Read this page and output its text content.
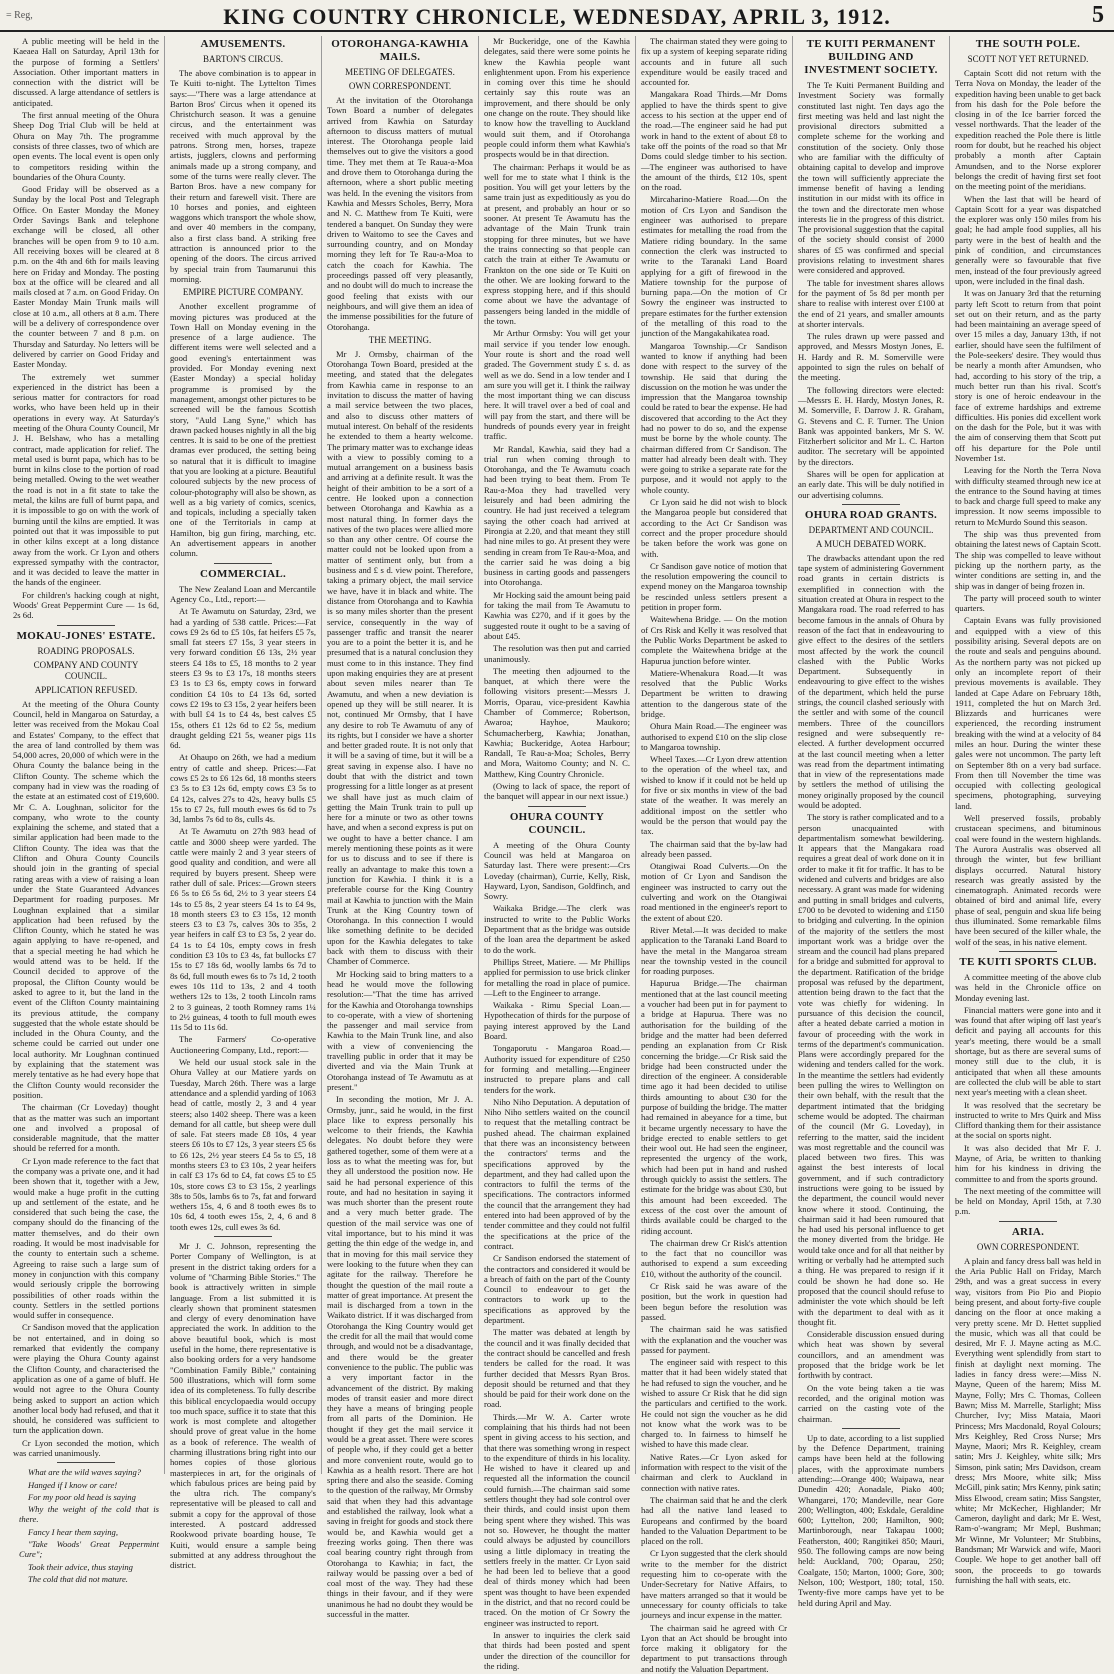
= Reg,	KING COUNTRY CHRONICLE, WEDNESDAY, APRIL 3, 1912.	5

A public meeting will be held in the Kaeaea Hall on Saturday, April 13th for the purpose of forming a Settlers' Association. Other important matters in connection with the district will be discussed. A large attendance of settlers is anticipated.

The first annual meeting of the Ohura Sheep Dog Trial Club will be held at Ohura on May 7th. The programme consists of three classes, two of which are open events. The local event is open only to competitors residing within the boundaries of the Ohura County.

Good Friday will be observed as a Sunday by the local Post and Telegraph Office. On Easter Monday the Money Order Savings Bank and telephone exchange will be closed, all other branches will be open from 9 to 10 a.m. All receiving boxes will be cleared at 8 p.m. on the 4th and 6th for mails leaving here on Friday and Monday. The posting box at the office will be cleared and all mails closed at 7 a.m. on Good Friday. On Easter Monday Main Trunk mails will close at 10 a.m., all others at 8 a.m. There will be a delivery of correspondence over the counter between 7 and 8 p.m. on Thursday and Saturday. No letters will be delivered by carrier on Good Friday and Easter Monday.

The extremely wet summer experienced in the district has been a serious matter for contractors for road works, who have been held up in their operations in every way. At Saturday's meeting of the Ohura County Council, Mr J. H. Belshaw, who has a metalling contract, made application for relief. The metal used is burnt papa, which has to be burnt in kilns close to the portion of road being metalled. Owing to the wet weather the road is not in a fit state to take the metal, the kilns are full of burnt papa, and it is impossible to go on with the work of burning until the kilns are emptied. It was pointed out that it was impossible to put in other kilns except at a long distance away from the work. Cr Lyon and others expressed sympathy with the contractor, and it was decided to leave the matter in the hands of the engineer.

For children's hacking cough at night, Woods' Great Peppermint Cure — 1s 6d, 2s 6d.

MOKAU-JONES' ESTATE.
ROADING PROPOSALS.
COMPANY AND COUNTY COUNCIL.
APPLICATION REFUSED.

At the meeting of the Ohura County Council, held in Mangaroa on Saturday, a letter was received from the Mokau Coal and Estates' Company, to the effect that the area of land controlled by them was 54,000 acres, 20,000 of which were in the Ohura County the balance being in the Clifton County. The scheme which the company had in view was the roading of the estate at an estimated cost of £19,600. Mr C. A. Loughnan, solicitor for the company, who wrote to the county explaining the scheme, and stated that a similar application had been made to the Clifton County. The idea was that the Clifton and Ohura County Councils should join in the granting of special rating areas with a view of raising a loan under the State Guaranteed Advances Department for roading purposes. Mr Loughnan explained that a similar application had been refused by the Clifton County, which he stated he was again applying to have re-opened, and that a special meeting he had which he would attend was to be held. If the Council decided to approve of the proposal, the Clifton County would be asked to agree to it, but the land in the event of the Clifton County maintaining its previous attitude, the company suggested that the whole estate should be included in the Ohura County, and the scheme could be carried out under one local authority. Mr Loughnan continued by explaining that the statement was merely tentative as he had every hope that the Clifton County would reconsider the position.

The chairman (Cr Loveday) thought that as the matter was such an important one and involved a proposal of considerable magnitude, that the matter should be referred for a month.

Cr Lyon made reference to the fact that the company was a private one, and it had been shown that it, together with a Jew, would make a huge profit in the cutting up and settlement of the estate, and he considered that such being the case, the company should do the financing of the matter themselves, and do their own roading. It would be most inadvisable for the county to entertain such a scheme. Agreeing to raise such a large sum of money in conjunction with this company would seriously cripple the borrowing possibilities of other roads within the county. Settlers in the settled portions would suffer in consequence.

Cr Sandison moved that the application be not entertained, and in doing so remarked that evidently the company were playing the Ohura County against the Clifton County, and characterised the application as one of a game of bluff. He would not agree to the Ohura County being asked to support an action which another local body had refused, and that it should, he considered was sufficient to turn the application down.

Cr Lyon seconded the motion, which was carried unanimously.

What are the wild waves saying?

Hanged if I know or care!

For my poor old head is saying

Why the weight of the cold that is there.

Fancy I hear them saying,

"Take Woods' Great Peppermint Cure";

Took their advice, thus staying

The cold that did not mature.

AMUSEMENTS.
BARTON'S CIRCUS.

The above combination is to appear in Te Kuiti to-night. The Lyttelton Times says:—"There was a large attendance at Barton Bros' Circus when it opened its Christchurch season. It was a genuine circus, and the entertainment was received with much approval by the patrons. Strong men, horses, trapeze artists, jugglers, clowns and performing animals made up a strong company, and some of the turns were really clever. The Barton Bros. have a new company for their return and farewell visit. There are 10 horses and ponies, and eighteen waggons which transport the whole show, and over 40 members in the company, also a first class band. A striking free attraction is announced prior to the opening of the doors. The circus arrived by special train from Taumarunui this morning.

EMPIRE PICTURE COMPANY.

Another excellent programme of moving pictures was produced at the Town Hall on Monday evening in the presence of a large audience. The different items were well selected and a good evening's entertainment was provided. For Monday evening next (Easter Monday) a special holiday programme is promised by the management, amongst other pictures to be screened will be the famous Scottish story, "Auld Lang Syne," which has drawn packed houses nightly in all the big centres. It is said to be one of the prettiest dramas ever produced, the setting being so natural that it is difficult to imagine that you are looking at a picture. Beautiful coloured subjects by the new process of colour-photography will also be shown, as well as a big variety of comics, scenics, and topicals, including a specially taken one of the Territorials in camp at Hamilton, big gun firing, marching, etc. An advertisement appears in another column.

COMMERCIAL.

The New Zealand Loan and Mercantile Agency Co., Ltd., report:—

At Te Awamutu on Saturday, 23rd, we had a yarding of 538 cattle. Prices:—Fat cows £9 2s 6d to £5 10s, fat heifers £5 7s, small fat steers £7 15s, 3 year steers in very forward condition £6 13s, 2½ year steers £4 18s to £5, 18 months to 2 year steers £3 9s to £3 17s, 18 months steers £3 1s to £3 6s, empty cows in forward condition £4 10s to £4 13s 6d, sorted cows £2 19s to £3 15s, 2 year heifers been with bull £4 1s to £4 4s, best calves £5 15s, others £1 12s 6d to £2 5s, medium draught gelding £21 5s, weaner pigs 11s 6d.

At Ohaupo on 26th, we had a medium entry of cattle and sheep. Prices:—Fat cows £5 2s to £6 12s 6d, 18 months steers £3 5s to £3 12s 6d, empty cows £3 5s to £4 12s, calves 27s to 42s, heavy bulls £5 15s to £7 2s, full mouth ewes 6s 6d to 7s 3d, lambs 7s 6d to 8s, culls 4s.

At Te Awamutu on 27th 983 head of cattle and 3000 sheep were yarded. The cattle were mainly 2 and 3 year steers of good quality and condition, and were all required by buyers present. Sheep were rather dull of sale. Prices:—Grown steers £6 5s to £6 5s 6d, 2½ to 3 year steers £4 14s to £5 8s, 2 year steers £4 1s to £4 9s, 18 month steers £3 to £3 15s, 12 month steers £3 to £3 7s, calves 30s to 35s, 2 year heifers in calf £3 to £3 5s, 2 year do. £4 1s to £4 10s, empty cows in fresh condition £3 10s to £3 4s, fat bullocks £7 15s to £7 18s 6d, woolly lambs 6s 7d to 8s 6d, full mouth ewes 6s to 7s 1d, 2 tooth ewes 10s 11d to 13s, 2 and 4 tooth wethers 12s to 13s, 2 tooth Lincoln rams 2 to 3 guineas, 2 tooth Romney rams 1¼ to 2½ guineas, 4 tooth to full mouth ewes 11s 5d to 11s 6d.

The Farmers' Co-operative Auctioneering Company, Ltd., report:—

We held our usual stock sale in the Ohura Valley at our Matiere yards on Tuesday, March 26th. There was a large attendance and a splendid yarding of 1063 head of cattle, mostly 2, 3 and 4 year steers; also 1402 sheep. There was a keen demand for all cattle, but sheep were dull of sale. Fat steers made £8 10s, 4 year steers £6 10s to £7 12s, 3 year steers £5 6s to £6 12s, 2½ year steers £4 5s to £5, 18 months steers £3 to £3 10s, 2 year heifers in calf £3 17s 6d to £4, fat cows £5 to £5 10s, store cows £3 to £3 15s, 2 yearlings 38s to 50s, lambs 6s to 7s, fat and forward wethers 15s, 4, 6 and 8 tooth ewes 8s to 10s 6d, 4 tooth ewes 15s, 2, 4, 6 and 8 tooth ewes 12s, cull ewes 3s 6d.

Mr J. C. Johnson, representing the Porter Company of Wellington, is at present in the district taking orders for a volume of "Charming Bible Stories." The book is attractively written in simple language. From a list submitted it is clearly shown that prominent statesmen and clergy of every denomination have appreciated the work. In addition to the above beautiful book, which is most useful in the home, there representative is also booking orders for a very handsome "Combination Family Bible," containing 500 illustrations, which will form some idea of its completeness. To fully describe this biblical encyclopaedia would occupy too much space, suffice it to state that this work is most complete and altogether should prove of great value in the home as a book of reference. The wealth of charming illustrations bring right into our homes copies of those glorious masterpieces in art, for the originals of which fabulous prices are being paid by the ultra rich. The company's representative will be pleased to call and submit a copy for the approval of those interested. A postcard addressed Rookwood private boarding house, Te Kuiti, would ensure a sample being submitted at any address throughout the district.

OTOROHANGA-KAWHIA MAILS.
MEETING OF DELEGATES.
OWN CORRESPONDENT.

At the invitation of the Otorohanga Town Board a number of delegates arrived from Kawhia on Saturday afternoon to discuss matters of mutual interest. The Otorohanga people laid themselves out to give the visitors a good time. They met them at Te Raua-a-Moa and drove them to Otorohanga during the afternoon, where a short public meeting was held. In the evening the visitors from Kawhia and Messrs Scholes, Berry, Mora and N. C. Matthew from Te Kuiti, were tendered a banquet. On Sunday they were driven to Waitomo to see the Caves and surrounding country, and on Monday morning they left for Te Rau-a-Moa to catch the coach for Kawhia. The proceedings passed off very pleasantly, and no doubt will do much to increase the good feeling that exists with our neighbours, and will give them an idea of the immense possibilities for the future of Otorohanga.

THE MEETING.

Mr J. Ormsby, chairman of the Otorohanga Town Board, presided at the meeting, and stated that the delegates from Kawhia came in response to an invitation to discuss the matter of having a mail service between the two places, and also to discuss other matters of mutual interest. On behalf of the residents he extended to them a hearty welcome. The primary matter was to exchange ideas with a view to possibly coming to a mutual arrangement on a business basis and arriving at a definite result. It was the height of their ambition to be a sort of a centre. He looked upon a connection between Otorohanga and Kawhia as a most natural thing. In former days the natives of the two places were allied more so than any other centre. Of course the matter could not be looked upon from a matter of sentiment only, but from a business and £ s d. view point. Therefore, taking a primary object, the mail service we have, have it in black and white. The distance from Otorohanga and to Kawhia is so many miles shorter than the present service, consequently in the way of passenger traffic and transit the nearer you are to a point the better it is, and he presumed that is a natural conclusion they must come to in this instance. They find upon making enquiries they are at present about seven miles nearer than Te Awamutu, and when a new deviation is opened up they will be still nearer. It is not, continued Mr Ormsby, that I have any desire to rob Te Awamutu of any of its rights, but I consider we have a shorter and better graded route. It is not only that it will be a saving of time, but it will be a great saving in expense also. I have no doubt that with the district and town progressing for a little longer as at present we shall have just as much claim of getting the Main Trunk train to pull up here for a minute or two as other towns have, and when a second express is put on we ought to have a better chance. I am merely mentioning these points as it were for us to discuss and to see if there is really an advantage to make this town a junction for Kawhia. I think it is a preferable course for the King Country mail at Kawhia to junction with the Main Trunk at the King Country town of Otorohanga. In this connection I would like something definite to be decided upon for the Kawhia delegates to take back with them to discuss with their Chamber of Commerce.

Mr Hocking said to bring matters to a head he would move the following resolution:—"That the time has arrived for the Kawhia and Otorohanga townships to co-operate, with a view of shortening the passenger and mail service from Kawhia to the Main Trunk line, and also with a view of conveniencing the travelling public in order that it may be diverted and via the Main Trunk at Otorohanga instead of Te Awamutu as at present."

In seconding the motion, Mr J. A. Ormsby, junr., said he would, in the first place like to express personally his welcome to their friends, the Kawhia delegates. No doubt before they were gathered together, some of them were at a loss as to what the meeting was for, but they all understood the position now. He said he had personal experience of this route, and had no hesitation in saying it was much shorter than the present route and a very much better grade. The question of the mail service was one of vital importance, but to his mind it was getting the thin edge of the wedge in, and that in moving for this mail service they were looking to the future when they can agitate for the railway. Therefore he thought the question of the mail route a matter of great importance. At present the mail is discharged from a town in the Waikato district. If it was discharged from Otorohanga the King Country would get the credit for all the mail that would come through, and would not be a disadvantage, and there would be the greater convenience to the public. The public was a very important factor in the advancement of the district. By making modes of transit easier and more direct they have a means of bringing people from all parts of the Dominion. He thought if they get the mail service it would be a great asset. There were scores of people who, if they could get a better and more convenient route, would go to Kawhia as a health resort. There are hot spring there and also the seaside. Coming to the question of the railway, Mr Ormsby said that when they had this advantage and established the railway, look what a saving in freight for goods and stock there would be, and Kawhia would get a freezing works going. Then there was coal bearing country right through from Otorohanga to Kawhia; in fact, the railway would be passing over a bed of coal most of the way. They had these things in their favour, and if they were unanimous he had no doubt they would be successful in the matter.

Mr Buckeridge, one of the Kawhia delegates, said there were some points he knew the Kawhia people want enlightenment upon. From his experience in coming over this time he should certainly say this route was an improvement, and there should be only one change on the route. They should like to know how the travelling to Auckland would suit them, and if Otorohanga people could inform them what Kawhia's prospects would be in that direction.

The chairman: Perhaps it would be as well for me to state what I think is the position. You will get your letters by the same train just as expeditiously as you do at present, and probably an hour or so sooner. At present Te Awamutu has the advantage of the Main Trunk train stopping for three minutes, but we have the trains connecting so that people can catch the train at either Te Awamutu or Frankton on the one side or Te Kuiti on the other. We are looking forward to the express stopping here, and if this should come about we have the advantage of passengers being landed in the middle of the town.

Mr Arthur Ormsby: You will get your mail service if you tender low enough. Your route is short and the road well graded. The Government study £ s. d. as well as we do. Send in a low tender and I am sure you will get it. I think the railway the most important thing we can discuss here. It will travel over a bed of coal and will pay from the start, and there will be hundreds of pounds every year in freight traffic.

Mr Randal, Kawhia, said they had a trial run when coming through to Otorohanga, and the Te Awamutu coach had been trying to beat them. From Te Rau-a-Moa they had travelled very leisurely and had been admiring the country. He had just received a telegram saying the other coach had arrived at Pirongia at 2.20, and that meant they still had nine miles to go. At present they were sending in cream from Te Rau-a-Moa, and the carrier said he was doing a big business in carting goods and passengers into Otorohanga.

Mr Hocking said the amount being paid for taking the mail from Te Awamutu to Kawhia was £270, and if it goes by the suggested route it ought to be a saving of about £45.

The resolution was then put and carried unanimously.

The meeting then adjourned to the banquet, at which there were the following visitors present:—Messrs J. Morris, Oparau, vice-president Kawhia Chamber of Commerce; Robertson, Awaroa; Hayhoe, Maukoro; Schumacherberg, Kawhia; Jonathan, Kawhia; Buckeridge, Aotea Harbour; Randall, Te Rau-a-Moa; Scholes, Berry and Mora, Waitomo County; and N. C. Matthew, King Country Chronicle.

(Owing to lack of space, the report of the banquet will appear in our next issue.)

OHURA COUNTY COUNCIL.

A meeting of the Ohura County Council was held at Mangaroa on Saturday last. There were present:—Crs Loveday (chairman), Currie, Kelly, Risk, Hayward, Lyon, Sandison, Goldfinch, and Sowry.

Waikaka Bridge.—The clerk was instructed to write to the Public Works Department that as the bridge was outside of the loan area the department be asked to do the work.

Phillips Street, Matiere. — Mr Phillips applied for permission to use brick clinker for metalling the road in place of pumice.—Left to the Engineer to arrange.

Waikaka - Rimu Special Loan.—Hypothecation of thirds for the purpose of paying interest approved by the Land Board.

Tongaporutu - Mangaroa Road.—Authority issued for expenditure of £250 for forming and metalling.—Engineer instructed to prepare plans and call tenders for the work.

Niho Niho Deputation. A deputation of Niho Niho settlers waited on the council to request that the metalling contract be pushed ahead. The chairman explained that there was an inconsistency between the contractors' terms and the specifications approved by the department, and they had called upon the contractors to fulfil the terms of the specifications. The contractors informed the council that the arrangement they had entered into had been approved of by the tender committee and they could not fulfil the specifications at the price of the contract.

Cr Sandison endorsed the statement of the contractors and considered it would be a breach of faith on the part of the County Council to endeavour to get the contractors to work up to the specifications as approved by the department.

The matter was debated at length by the council and it was finally decided that the contract should be cancelled and fresh tenders be called for the road. It was further decided that Messrs Ryan Bros. deposit should be returned and that they should be paid for their work done on the road.

Thirds.—Mr W. A. Carter wrote complaining that his thirds had not been spent in giving access to his section, and that there was something wrong in respect to the expenditure of thirds in his locality. He wished to have it cleared up and requested all the information the council could furnish.—The chairman said some settlers thought they had sole control over their thirds, and could insist upon them being spent where they wished. This was not so. However, he thought the matter could always be adjusted by councillors using a little diplomacy in treating the settlers freely in the matter. Cr Lyon said he had been led to believe that a good deal of thirds money which had been spent was thought to have been expended in the district, and that no record could be traced. On the motion of Cr Sowry the engineer was instructed to report.

In answer to inquiries the clerk said that thirds had been posted and spent under the direction of the councillor for the riding.

The chairman stated they were going to fix up a system of keeping separate riding accounts and in future all such expenditure would be easily traced and accounted for.

Mangakara Road Thirds.—Mr Doms applied to have the thirds spent to give access to his section at the upper end of the road.—The engineer said he had put work in hand to the extent of about £8 to take off the points of the road so that Mr Doms could sledge timber to his section.—The engineer was authorised to have the amount of the thirds, £12 10s, spent on the road.

Mircaharino-Matiere Road.—On the motion of Crs Lyon and Sandison the engineer was authorised to prepare estimates for metalling the road from the Matiere riding boundary. In the same connection the clerk was instructed to write to the Taranaki Land Board applying for a gift of firewood in the Matiere township for the purpose of burning papa.—On the motion of Cr Sowry the engineer was instructed to prepare estimates for the further extension of the metalling of this road to the junction of the Mangakahikatea road.

Mangaroa Township.—Cr Sandison wanted to know if anything had been done with respect to the survey of the township. He said that during the discussion on the motion he was under the impression that the Mangaroa township could be rated to bear the expense. He had discovered that according to the Act they had no power to do so, and the expense must be borne by the whole county. The chairman differed from Cr Sandison. The matter had already been dealt with. They were going to strike a separate rate for the purpose, and it would not apply to the whole county.

Cr Lyon said he did not wish to block the Mangaroa people but considered that according to the Act Cr Sandison was correct and the proper procedure should be taken before the work was gone on with.

Cr Sandison gave notice of motion that the resolution empowering the council to expend money on the Mangaroa township be rescinded unless settlers present a petition in proper form.

Waitewhena Bridge. — On the motion of Crs Risk and Kelly it was resolved that the Public Works Department be asked to complete the Waitewhena bridge at the Hapurua junction before winter.

Matiere-Whenakura Road.—It was resolved that the Public Works Department be written to drawing attention to the dangerous state of the bridge.

Ohura Main Road.—The engineer was authorised to expend £10 on the slip close to Mangaroa township.

Wheel Taxes.—Cr Lyon drew attention to the operation of the wheel tax, and wished to know if it could not be held up for five or six months in view of the bad state of the weather. It was merely an additional impost on the settler who would be the person that would pay the tax.

The chairman said that the by-law had already been passed.

Otangiwai Road Culverts.—On the motion of Cr Lyon and Sandison the engineer was instructed to carry out the culverting and work on the Otangiwai road mentioned in the engineer's report to the extent of about £20.

River Metal.—It was decided to make application to the Taranaki Land Board to have the metal in the Mangaroa stream near the township vested in the council for roading purposes.

Hapurua Bridge.—The chairman mentioned that at the last council meeting a voucher had been put in for payment to a bridge at Hapurua. There was no authorisation for the building of the bridge and the matter had been deferred pending an explanation from Cr Risk concerning the bridge.—Cr Risk said the bridge had been constructed under the direction of the engineer. A considerable time ago it had been decided to utilise thirds amounting to about £30 for the purpose of building the bridge. The matter had remained in abeyance for a time, but it became urgently necessary to have the bridge erected to enable settlers to get their wool out. He had seen the engineer, represented the urgency of the work, which had been put in hand and rushed through quickly to assist the settlers. The estimate for the bridge was about £30, but this amount had been exceeded. The excess of the cost over the amount of thirds available could be charged to the riding account.

The chairman drew Cr Risk's attention to the fact that no councillor was authorised to expend a sum exceeding £10, without the authority of the council.

Cr Risk said he was aware of the position, but the work in question had been begun before the resolution was passed.

The chairman said he was satisfied with the explanation and the voucher was passed for payment.

The engineer said with respect to this matter that it had been widely stated that he had refused to sign the voucher, and he wished to assure Cr Risk that he did sign the particulars and certified to the work. He could not sign the voucher as he did not know what the work was to be charged to. In fairness to himself he wished to have this made clear.

Native Rates.—Cr Lyon asked for information with respect to the visit of the chairman and clerk to Auckland in connection with native rates.

The chairman said that he and the clerk had all the native land leased to Europeans and confirmed by the board handed to the Valuation Department to be placed on the roll.

Cr Lyon suggested that the clerk should write to the member for the district requesting him to co-operate with the Under-Secretary for Native Affairs, to have matters arranged so that it would be unnecessary for county officials to take journeys and incur expense in the matter.

The chairman said he agreed with Cr Lyon that an Act should be brought into force making it obligatory for the department to put transactions through and notify the Valuation Department.

TE KUITI PERMANENT BUILDING AND INVESTMENT SOCIETY.

The Te Kuiti Permanent Building and Investment Society was formally constituted last night. Ten days ago the first meeting was held and last night the provisional directors submitted a complete scheme for the working and constitution of the society. Only those who are familiar with the difficulty of obtaining capital to develop and improve the town will sufficiently appreciate the immense benefit of having a lending institution in our midst with its office in the town and the directorate men whose interests lie in the progress of this district. The provisional suggestion that the capital of the society should consist of 2000 shares of £5 was confirmed and special provisions relating to investment shares were considered and approved.

The table for investment shares allows for the payment of 5s 8d per month per share to realise with interest over £100 at the end of 21 years, and smaller amounts at shorter intervals.

The rules drawn up were passed and approved, and Messrs Mostyn Jones, E. H. Hardy and R. M. Somerville were appointed to sign the rules on behalf of the meeting.

The following directors were elected:—Messrs E. H. Hardy, Mostyn Jones, R. M. Somerville, F. Darrow J. R. Graham, G. Stevens and C. F. Turner. The Union Bank was appointed bankers, Mr S. W. Fitzherbert solicitor and Mr L. C. Harton auditor. The secretary will be appointed by the directors.

Shares will be open for application at an early date. This will be duly notified in our advertising columns.

OHURA ROAD GRANTS.
DEPARTMENT AND COUNCIL.
A MUCH DEBATED WORK.

The drawbacks attendant upon the red tape system of administering Government road grants in certain districts is exemplified in connection with the situation created at Ohura in respect to the Mangakara road. The road referred to has become famous in the annals of Ohura by reason of the fact that in endeavouring to give effect to the desires of the settlers most affected by the work the council clashed with the Public Works Department. Subsequently in endeavouring to give effect to the wishes of the department, which held the purse strings, the council clashed seriously with the settler and with some of the council members. Three of the councillors resigned and were subsequently re-elected. A further development occurred at the last council meeting when a letter was read from the department intimating that in view of the representations made by settlers the method of utilising the money originally proposed by the council would be adopted.

The story is rather complicated and to a person unacquainted with departmentalism somewhat bewildering. It appears that the Mangakara road requires a great deal of work done on it in order to make it fit for traffic. It has to be widened and culverts and bridges are also necessary. A grant was made for widening and putting in small bridges and culverts, £700 to be devoted to widening and £150 to bridging and culverting. In the opinion of the majority of the settlers the most important work was a bridge over the stream and the council had plans prepared for a bridge and submitted for approval to the department. Ratification of the bridge proposal was refused by the department, attention being drawn to the fact that the vote was chiefly for widening. In pursuance of this decision the council, after a heated debate carried a motion in favour of proceeding with the work in terms of the department's communication. Plans were accordingly prepared for the widening and tenders called for the work. In the meantime the settlers had evidently been pulling the wires to Wellington on their own behalf, with the result that the department intimated that the bridging scheme would be adopted. The chairman of the council (Mr G. Loveday), in referring to the matter, said the incident was most regrettable and the council was placed between two fires. This was against the best interests of local government, and if such contradictory instructions were going to be issued by the department, the council would never know where it stood. Continuing, the chairman said it had been rumoured that he had used his personal influence to get the money diverted from the bridge. He would take once and for all that neither by writing or verbally had he attempted such a thing. He was prepared to resign if it could be shown he had done so. He proposed that the council should refuse to administer the vote which should be left with the department to deal with as it thought fit.

Considerable discussion ensued during which heat was shown by several councillors, and an amendment was proposed that the bridge work be let forthwith by contract.

On the vote being taken a tie was recorded, and the original motion was carried on the casting vote of the chairman.

Up to date, according to a list supplied by the Defence Department, training camps have been held at the following places, with the approximate numbers attending:—Orange 400; Waipawa, near Dunedin 420; Aonadale, Piako 400; Whangarei, 170; Mandeville, near Gore 200; Wellington, 400; Eskdale, Geraldine 600; Lyttelton, 200; Hamilton, 900; Martinborough, near Takapau 1000; Featherston, 400; Rangitikei 850; Mauri, 950. The following camps are now being held: Auckland, 700; Oparau, 250; Coalgate, 150; Marton, 1000; Gore, 300; Nelson, 100; Westport, 180; total, 150. Twenty-five more camps have yet to be held during April and May.

THE SOUTH POLE.
SCOTT NOT YET RETURNED.

Captain Scott did not return with the Terra Nova on Monday, the leader of the expedition having been unable to get back from his dash for the Pole before the closing in of the Ice barrier forced the vessel northwards. That the leader of the expedition reached the Pole there is little room for doubt, but he reached his object probably a month after Captain Amundsen, and to the Norse explorer belongs the credit of having first set foot on the meeting point of the meridians.

When the last that will be heard of Captain Scott for a year was dispatched the explorer was only 150 miles from his goal; he had ample food supplies, all his party were in the best of health and the pink of condition, and circumstances generally were so favourable that five men, instead of the four previously agreed upon, were included in the final dash.

It was on January 3rd that the returning party left Scott to return from that point set out on their return, and as the party had been maintaining an average speed of over 15 miles a day, January 13th, if not earlier, should have seen the fulfilment of the Pole-seekers' desire. They would thus be nearly a month after Amundsen, who had, according to his story of the trip, a much better run than his rival. Scott's story is one of heroic endeavour in the face of extreme hardships and extreme difficulties. His ponies did excellent work on the dash for the Pole, but it was with the aim of conserving them that Scott put off his departure for the Pole until November 1st.

Leaving for the North the Terra Nova with difficulty steamed through new ice at the entrance to the Sound having at times to back and charge full speed to make any impression. It now seems impossible to return to McMurdo Sound this season.

The ship was thus prevented from obtaining the latest news of Captain Scott. The ship was compelled to leave without picking up the northern party, as the winter conditions are setting in, and the ship was in danger of being frozen in.

The party will proceed south to winter quarters.

Captain Evans was fully provisioned and equipped with a view of this possibility arising. Several depots are on the route and seals and penguins abound. As the northern party was not picked up only an incomplete report of their previous movements is available. They landed at Cape Adare on February 18th, 1911, completed the hut on March 3rd. Blizzards and hurricanes were experienced, the recording instrument breaking with the wind at a velocity of 84 miles an hour. During the winter these gales were not uncommon. The party left on September 8th on a very bad surface. From then till November the time was occupied with collecting geological specimens, photographing, surveying land.

Well preserved fossils, probably crustacean specimens, and bituminous coal were found in the western highlands. The Aurora Australis was observed all through the winter, but few brilliant displays occurred. Natural history research was greatly assisted by the cinematograph. Animated records were obtained of bird and animal life, every phase of seal, penguin and skua life being thus illuminated. Some remarkable films have been secured of the killer whale, the wolf of the seas, in his native element.

TE KUITI SPORTS CLUB.

A committee meeting of the above club was held in the Chronicle office on Monday evening last.

Financial matters were gone into and it was found that after wiping off last year's deficit and paying all accounts for this year's meeting, there would be a small shortage, but as there are several sums of money still due to the club, it is anticipated that when all these amounts are collected the club will be able to start next year's meeting with a clean sheet.

It was resolved that the secretary be instructed to write to Mrs Quirk and Miss Clifford thanking them for their assistance at the social on sports night.

It was also decided that Mr F. J. Mayne, of Aria, be written to thanking him for his kindness in driving the committee to and from the sports ground.

The next meeting of the committee will be held on Monday, April 15th, at 7.30 p.m.

ARIA.
OWN CORRESPONDENT.

A plain and fancy dress ball was held in the Aria Public Hall on Friday, March 29th, and was a great success in every way, visitors from Pio Pio and Piopio being present, and about forty-five couple dancing on the floor at once making a very pretty scene. Mr D. Hettet supplied the music, which was all that could be desired, Mr F. J. Mayne acting as M.C. Everything went splendidly from start to finish at daylight next morning. The ladies in fancy dress were:—Miss N. Mayne, Queen of the harem; Miss M. Mayne, Folly; Mrs C. Thomas, Colleen Bawn; Miss M. Marrelle, Starlight; Miss Churcher, Ivy; Miss Mataia, Maori Princess; Mrs Macdonald, Royal Colours; Mrs Keighley, Red Cross Nurse; Mrs Mayne, Maori; Mrs R. Keighley, cream satin; Mrs J. Keighley, white silk; Mrs Simson, pink satin; Mrs Davidson, cream dress; Mrs Moore, white silk; Miss McGill, pink satin; Mrs Kenny, pink satin; Miss Elwood, cream satin; Miss Sangster, white; Mr McKecher, Highlander; Mr Cameron, daylight and dark; Mr E. West, Ram-o'-wangram; Mr Mepl, Bushman; Mr Winne, Mr Volunteer; Mr Stubbins, Bandsman; Mr Warwick and wife, Maori Couple. We hope to get another ball off soon, the proceeds to go towards furnishing the hall with seats, etc.
